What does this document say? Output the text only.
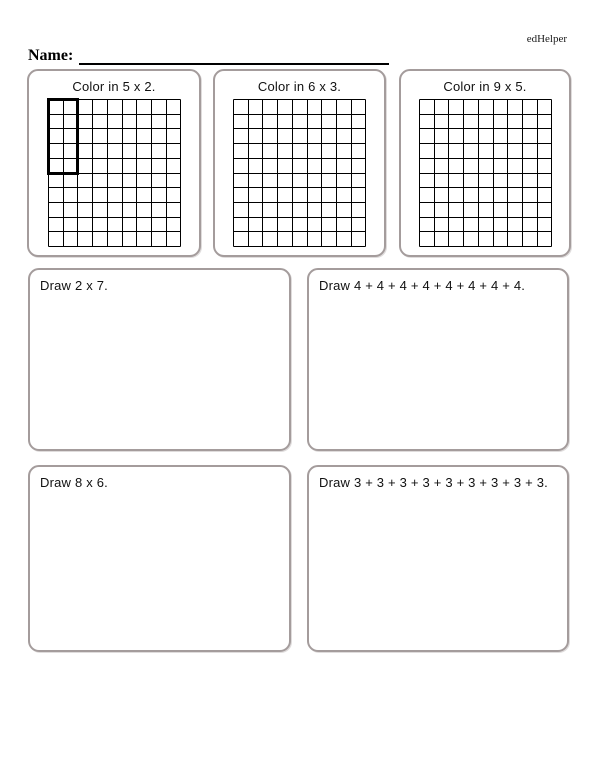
edHelper
Name:
Color in 5 x 2.	Color in 6 x 3.	Color in 9 x 5.
Draw 2 x 7.	Draw 4 + 4 + 4 + 4 + 4 + 4 + 4 + 4.
Draw 8 x 6.	Draw 3 + 3 + 3 + 3 + 3 + 3 + 3 + 3 + 3.
